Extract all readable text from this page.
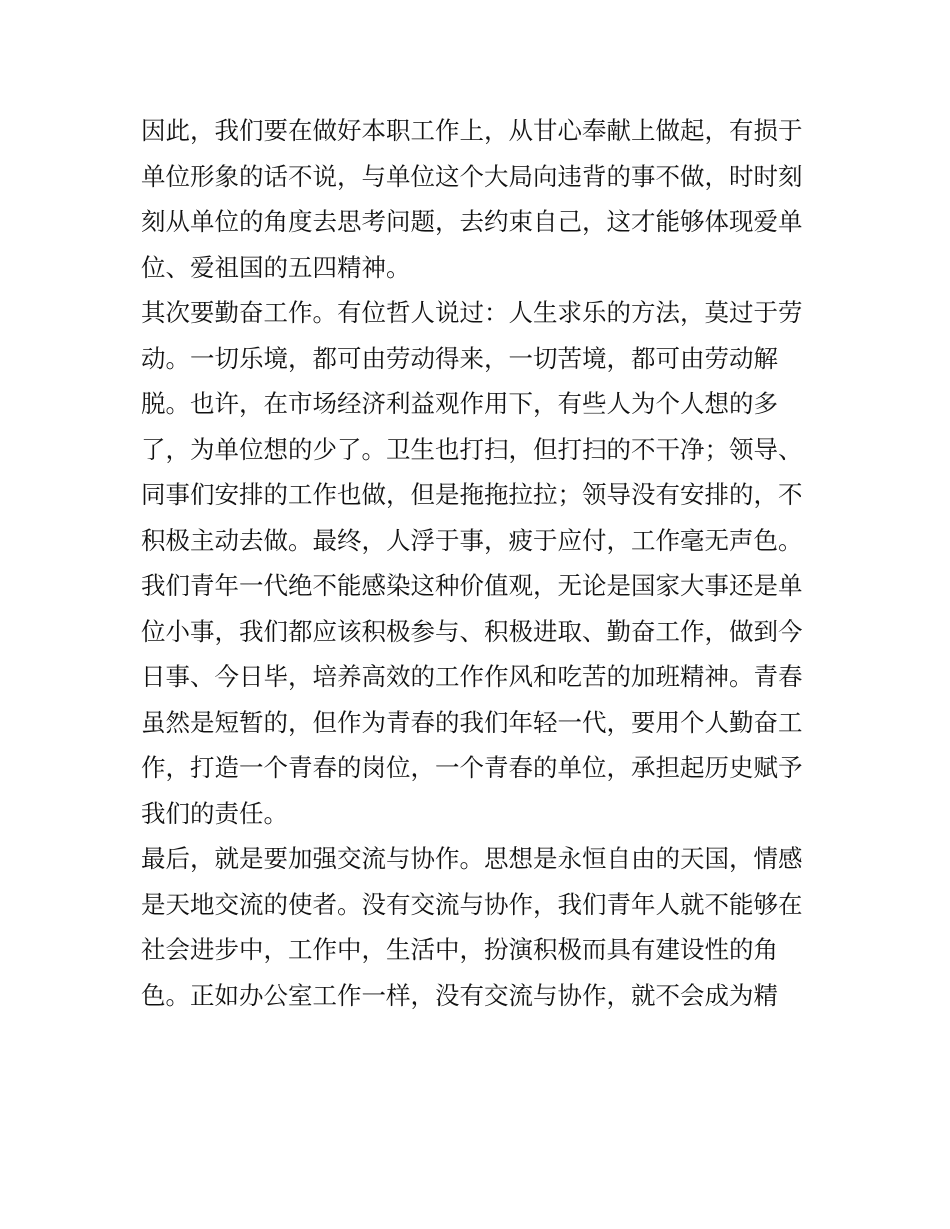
因此，我们要在做好本职工作上，从甘心奉献上做起，有损于
单位形象的话不说，与单位这个大局向违背的事不做，时时刻
刻从单位的角度去思考问题，去约束自己，这才能够体现爱单
位、爱祖国的五四精神。
其次要勤奋工作。有位哲人说过：人生求乐的方法，莫过于劳
动。一切乐境，都可由劳动得来，一切苦境，都可由劳动解
脱。也许，在市场经济利益观作用下，有些人为个人想的多
了，为单位想的少了。卫生也打扫，但打扫的不干净；领导、
同事们安排的工作也做，但是拖拖拉拉；领导没有安排的，不
积极主动去做。最终，人浮于事，疲于应付，工作毫无声色。
我们青年一代绝不能感染这种价值观，无论是国家大事还是单
位小事，我们都应该积极参与、积极进取、勤奋工作，做到今
日事、今日毕，培养高效的工作作风和吃苦的加班精神。青春
虽然是短暂的，但作为青春的我们年轻一代，要用个人勤奋工
作，打造一个青春的岗位，一个青春的单位，承担起历史赋予
我们的责任。
最后，就是要加强交流与协作。思想是永恒自由的天国，情感
是天地交流的使者。没有交流与协作，我们青年人就不能够在
社会进步中，工作中，生活中，扮演积极而具有建设性的角
色。正如办公室工作一样，没有交流与协作，就不会成为精
